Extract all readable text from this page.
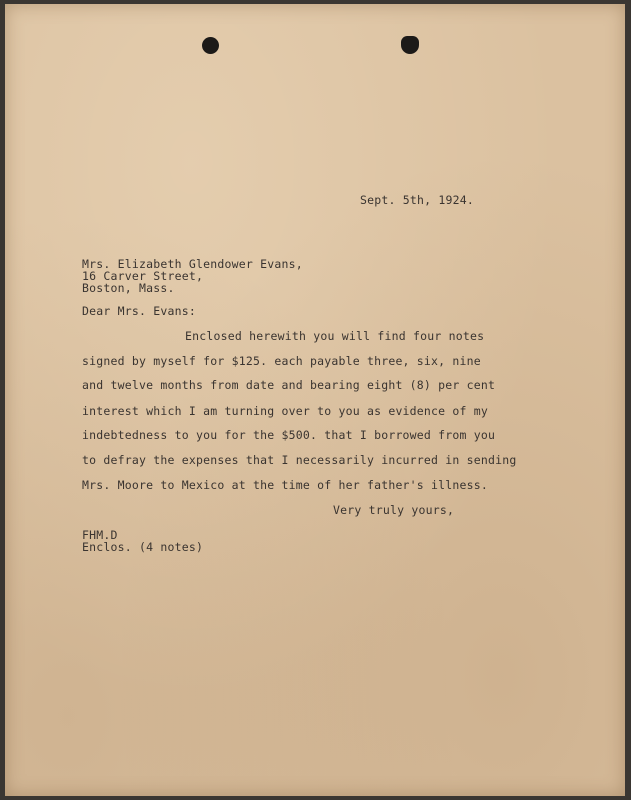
Sept. 5th, 1924.
Mrs. Elizabeth Glendower Evans,
16 Carver Street,
Boston, Mass.
Dear Mrs. Evans:
Enclosed herewith you will find four notes
signed by myself for $125. each payable three, six, nine
and twelve months from date and bearing eight (8) per cent
interest which I am turning over to you as evidence of my
indebtedness to you for the $500. that I borrowed from you
to defray the expenses that I necessarily incurred in sending
Mrs. Moore to Mexico at the time of her father's illness.
Very truly yours,
FHM.D
Enclos. (4 notes)
